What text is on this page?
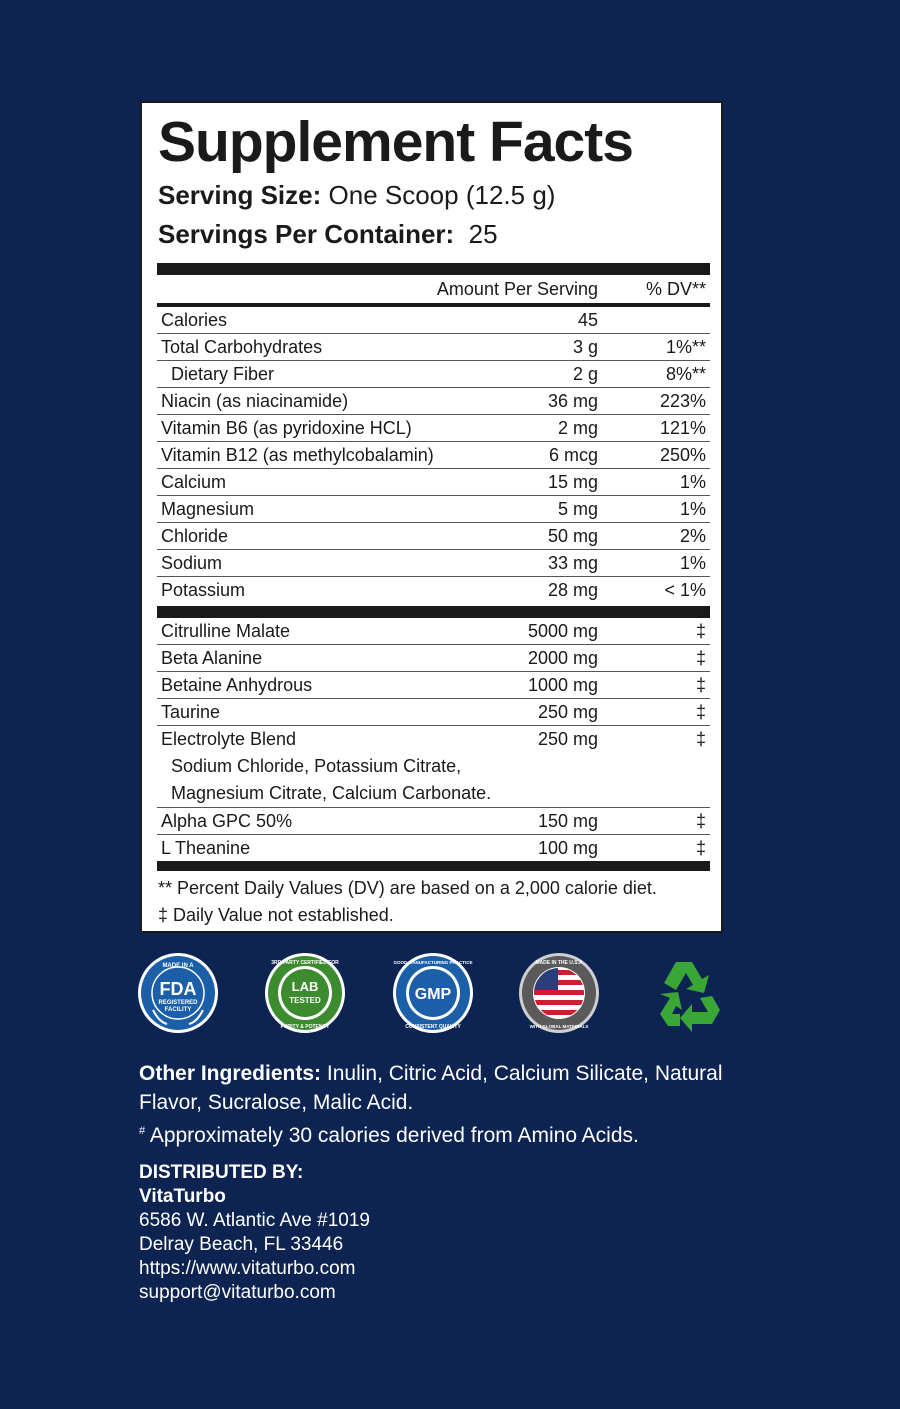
Supplement Facts
Serving Size: One Scoop (12.5 g)
Servings Per Container: 25
Amount Per Serving	% DV**
Calories	45
Total Carbohydrates	3 g	1%**
Dietary Fiber	2 g	8%**
Niacin (as niacinamide)	36 mg	223%
Vitamin B6 (as pyridoxine HCL)	2 mg	121%
Vitamin B12 (as methylcobalamin)	6 mcg	250%
Calcium	15 mg	1%
Magnesium	5 mg	1%
Chloride	50 mg	2%
Sodium	33 mg	1%
Potassium	28 mg	< 1%
Citrulline Malate	5000 mg	‡
Beta Alanine	2000 mg	‡
Betaine Anhydrous	1000 mg	‡
Taurine	250 mg	‡
Electrolyte Blend	250 mg	‡
Sodium Chloride, Potassium Citrate,
Magnesium Citrate, Calcium Carbonate.
Alpha GPC 50%	150 mg	‡
L Theanine	100 mg	‡
** Percent Daily Values (DV) are based on a 2,000 calorie diet.
‡ Daily Value not established.
MADE IN A
FDA
REGISTERED
FACILITY
3RD PARTY CERTIFIED FOR
LAB
TESTED
PURITY & POTENCY
GOOD MANUFACTURING PRACTICE
GMP
CONSISTENT QUALITY
MADE IN THE U.S.A
WITH GLOBAL MATERIALS
Other Ingredients: Inulin, Citric Acid, Calcium Silicate, Natural Flavor, Sucralose, Malic Acid.
# Approximately 30 calories derived from Amino Acids.
DISTRIBUTED BY:
VitaTurbo
6586 W. Atlantic Ave #1019
Delray Beach, FL 33446
https://www.vitaturbo.com
support@vitaturbo.com
